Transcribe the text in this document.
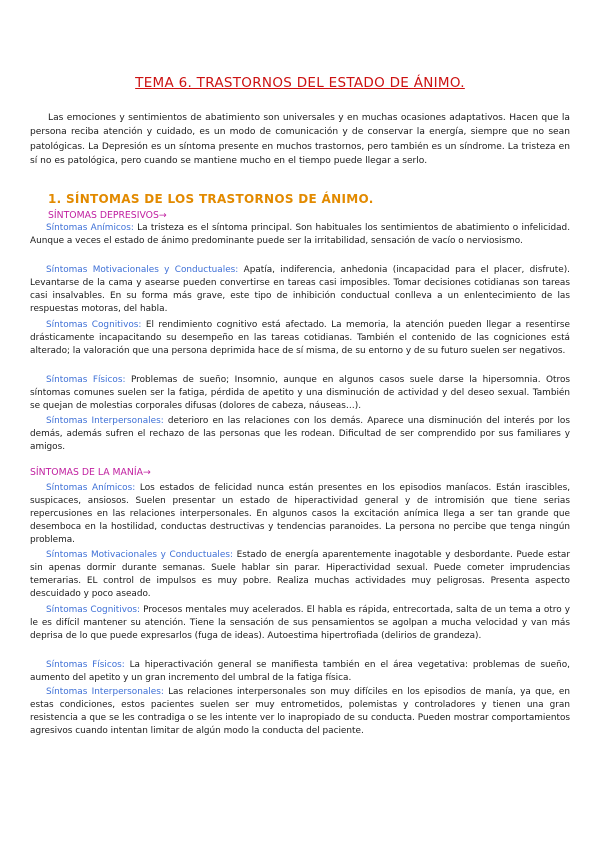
TEMA 6. TRASTORNOS DEL ESTADO DE ÁNIMO.

Las emociones y sentimientos de abatimiento son universales y en muchas ocasiones adaptativos. Hacen que la persona reciba atención y cuidado, es un modo de comunicación y de conservar la energía, siempre que no sean patológicas. La Depresión es un síntoma presente en muchos trastornos, pero también es un síndrome. La tristeza en sí no es patológica, pero cuando se mantiene mucho en el tiempo puede llegar a serlo.

1. SÍNTOMAS DE LOS TRASTORNOS DE ÁNIMO.
SÍNTOMAS DEPRESIVOS→

Síntomas Anímicos: La tristeza es el síntoma principal. Son habituales los sentimientos de abatimiento o infelicidad. Aunque a veces el estado de ánimo predominante puede ser la irritabilidad, sensación de vacío o nerviosismo.

Síntomas Motivacionales y Conductuales: Apatía, indiferencia, anhedonia (incapacidad para el placer, disfrute). Levantarse de la cama y asearse pueden convertirse en tareas casi imposibles. Tomar decisiones cotidianas son tareas casi insalvables. En su forma más grave, este tipo de inhibición conductual conlleva a un enlentecimiento de las respuestas motoras, del habla.

Síntomas Cognitivos: El rendimiento cognitivo está afectado. La memoria, la atención pueden llegar a resentirse drásticamente incapacitando su desempeño en las tareas cotidianas. También el contenido de las cogniciones está alterado; la valoración que una persona deprimida hace de sí misma, de su entorno y de su futuro suelen ser negativos.

Síntomas Físicos: Problemas de sueño; Insomnio, aunque en algunos casos suele darse la hipersomnia. Otros síntomas comunes suelen ser la fatiga, pérdida de apetito y una disminución de actividad y del deseo sexual. También se quejan de molestias corporales difusas (dolores de cabeza, náuseas…).

Síntomas Interpersonales: deterioro en las relaciones con los demás. Aparece una disminución del interés por los demás, además sufren el rechazo de las personas que les rodean. Dificultad de ser comprendido por sus familiares y amigos.

SÍNTOMAS DE LA MANÍA→

Síntomas Anímicos: Los estados de felicidad nunca están presentes en los episodios maníacos. Están irascibles, suspicaces, ansiosos. Suelen presentar un estado de hiperactividad general y de intromisión que tiene serias repercusiones en las relaciones interpersonales. En algunos casos la excitación anímica llega a ser tan grande que desemboca en la hostilidad, conductas destructivas y tendencias paranoides. La persona no percibe que tenga ningún problema.

Síntomas Motivacionales y Conductuales: Estado de energía aparentemente inagotable y desbordante. Puede estar sin apenas dormir durante semanas. Suele hablar sin parar. Hiperactividad sexual. Puede cometer imprudencias temerarias. EL control de impulsos es muy pobre. Realiza muchas actividades muy peligrosas. Presenta aspecto descuidado y poco aseado.

Síntomas Cognitivos: Procesos mentales muy acelerados. El habla es rápida, entrecortada, salta de un tema a otro y le es difícil mantener su atención. Tiene la sensación de sus pensamientos se agolpan a mucha velocidad y van más deprisa de lo que puede expresarlos (fuga de ideas). Autoestima hipertrofiada (delirios de grandeza).

Síntomas Físicos: La hiperactivación general se manifiesta también en el área vegetativa: problemas de sueño, aumento del apetito y un gran incremento del umbral de la fatiga física.

Síntomas Interpersonales: Las relaciones interpersonales son muy difíciles en los episodios de manía, ya que, en estas condiciones, estos pacientes suelen ser muy entrometidos, polemistas y controladores y tienen una gran resistencia a que se les contradiga o se les intente ver lo inapropiado de su conducta. Pueden mostrar comportamientos agresivos cuando intentan limitar de algún modo la conducta del paciente.
